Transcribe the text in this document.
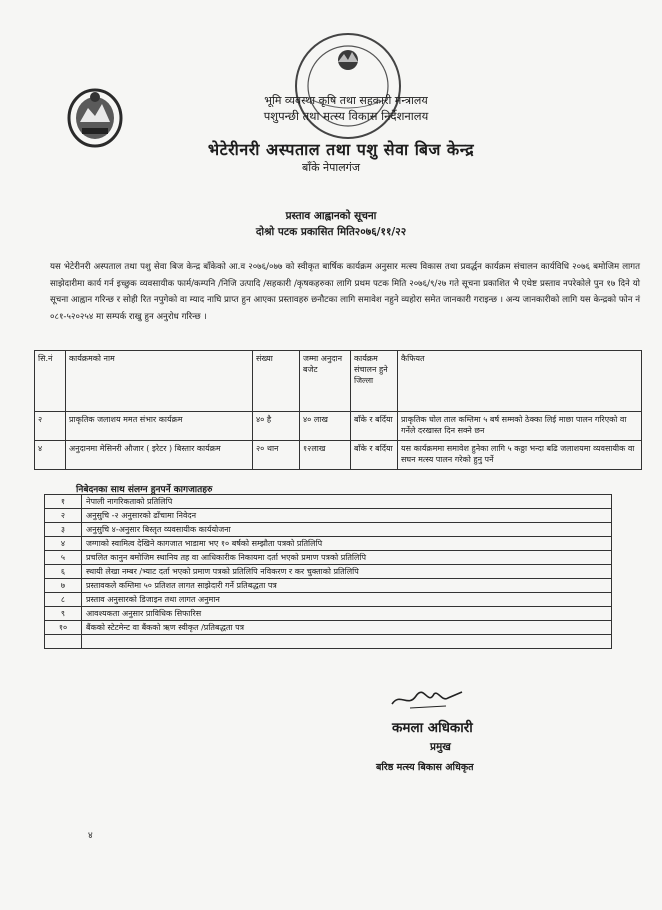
भूमि व्यवस्था कृषि तथा सहकारी मन्त्रालय
पशुपन्छी तथा मत्स्य विकास निर्देशनालय
भेटेरीनरी अस्पताल तथा पशु सेवा बिज केन्द्र
बाँके नेपालगंज
प्रस्ताव आह्वानको सूचना
दोश्रो पटक प्रकासित मिति२०७६/११/२२
यस भेटेरीनरी अस्पताल तथा पशु सेवा बिज केन्द्र बाँकेको आ.व २०७६/०७७ को स्वीकृत बार्षिक कार्यक्रम अनुसार मत्स्य विकास तथा प्रवर्द्धन कार्यक्रम संचालन कार्यविधि २०७६ बमोजिम लागत साझेदारीमा कार्य गर्न इच्छुक व्यवसायीक फार्म/कम्पनि /निजि उत्पादि /सहकारी /कृषकहरुका लागि प्रथम पटक मिति २०७६/९/२७ गते सूचना प्रकाशित भै एथेष्ट प्रस्ताव नपरेकोले पुन १७ दिने यो सूचना आह्वान गरिन्छ र सोही रित नपुगेको वा म्याद नाघि प्राप्त हुन आएका प्रस्तावहरु छनौटका लागि समावेश नहुने व्यहोरा समेत जानकारी गराइन्छ । अन्य जानकारीको लागि यस केन्द्रको फोन नं ०८१-५२०२५४ मा सम्पर्क राखु हुन अनुरोध गरिन्छ ।
सि.नं	कार्यक्रमको नाम	संख्या	जम्मा अनुदान बजेट	कार्यक्रम संचालन हुने जिल्ला	कैफियत
२	प्राकृतिक जलाशय ममत संभार कार्यक्रम	४० है	४० लाख	बाँके र बर्दिया	प्राकृतिक घोल ताल कम्तिमा ५ बर्ष सम्मको ठेक्का लिई माछा पालन गरिएको वा गर्नेले दरखास्त दिन सक्ने छन
४	अनुदानमा मेसिनरी औजार ( इरेटर ) बिस्तार कार्यक्रम	२० थान	१२लाख	बाँके र बर्दिया	यस कार्यक्रममा समावेश हुनेका लागि ५ कठ्ठा भन्दा बढि जलाशयमा व्यवसायीक वा सघन मत्स्य पालन गरेको हुनु पर्ने
निबेदनका साथ संलग्न हुनपर्ने कागजातहरु
१	नेपाली नागरिकताको प्रतिलिपि
२	अनुसुचि -२ अनुसारको ढाँचामा निवेदन
३	अनुसुचि ४-अनुसार बिस्तृत व्यवसायीक कार्ययोजना
४	जग्गाको स्वामित्व देखिने कागजात भाडामा भए १० बर्षको सम्झौता पत्रको प्रतिलिपि
५	प्रचलित कानुन बमोजिम स्थानिय तह वा आधिकारीक निकायमा दर्ता भएको प्रमाण पत्रको प्रतिलिपि
६	स्थायी लेखा नम्बर /भ्याट दर्ता भएको प्रमाण पत्रको प्रतिलिपि नविकरण र कर चुक्ताको प्रतिलिपि
७	प्रस्तावकले कम्तिमा ५० प्रतिशत लागत साझेदारी गर्ने प्रतिबद्धता पत्र
८	प्रस्ताव अनुसारको डिजाइन तथा लागत अनुमान
९	आवश्यकता अनुसार प्राविधिक सिफारिस
१०	बैंकको स्टेटमेन्ट वा बैंकको ऋण स्वीकृत /प्रतिबद्धता पत्र

कमला अधिकारी
प्रमुख
बरिष्ठ मत्स्य बिकास अधिकृत
४
